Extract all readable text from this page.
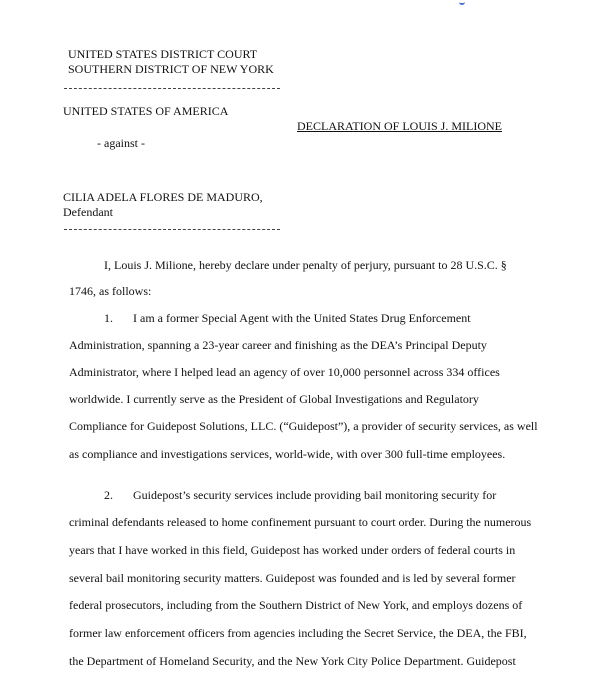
UNITED STATES DISTRICT COURT
SOUTHERN DISTRICT OF NEW YORK
UNITED STATES OF AMERICA
DECLARATION OF LOUIS J. MILIONE
- against -
CILIA ADELA FLORES DE MADURO,
Defendant
I, Louis J. Milione, hereby declare under penalty of perjury, pursuant to 28 U.S.C. §
1746, as follows:
1. I am a former Special Agent with the United States Drug Enforcement
Administration, spanning a 23-year career and finishing as the DEA’s Principal Deputy
Administrator, where I helped lead an agency of over 10,000 personnel across 334 offices
worldwide. I currently serve as the President of Global Investigations and Regulatory
Compliance for Guidepost Solutions, LLC. (“Guidepost”), a provider of security services, as well
as compliance and investigations services, world-wide, with over 300 full-time employees.
2. Guidepost’s security services include providing bail monitoring security for
criminal defendants released to home confinement pursuant to court order. During the numerous
years that I have worked in this field, Guidepost has worked under orders of federal courts in
several bail monitoring security matters. Guidepost was founded and is led by several former
federal prosecutors, including from the Southern District of New York, and employs dozens of
former law enforcement officers from agencies including the Secret Service, the DEA, the FBI,
the Department of Homeland Security, and the New York City Police Department. Guidepost
